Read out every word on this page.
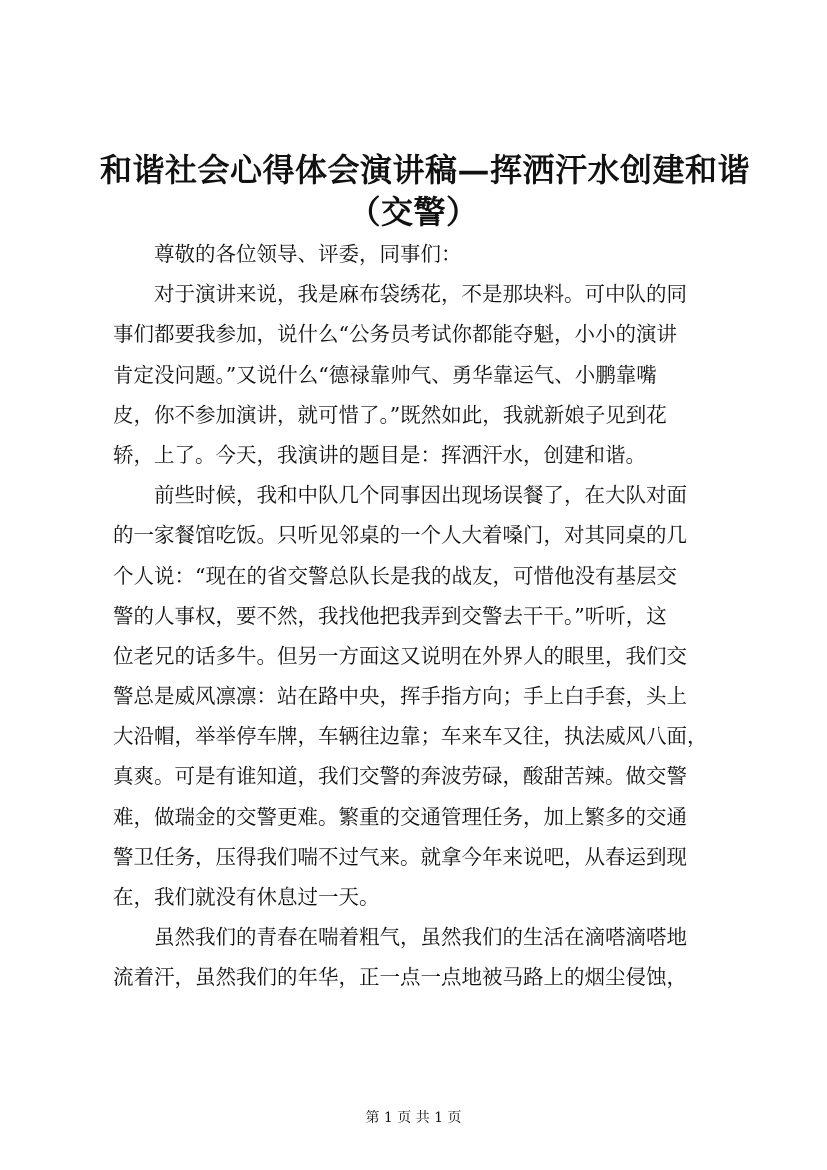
和谐社会心得体会演讲稿—挥洒汗水创建和谐
（交警）
尊敬的各位领导、评委，同事们：
对于演讲来说，我是麻布袋绣花，不是那块料。可中队的同
事们都要我参加，说什么“公务员考试你都能夺魁，小小的演讲
肯定没问题。”又说什么“德禄靠帅气、勇华靠运气、小鹏靠嘴
皮，你不参加演讲，就可惜了。”既然如此，我就新娘子见到花
轿，上了。今天，我演讲的题目是：挥洒汗水，创建和谐。
前些时候，我和中队几个同事因出现场误餐了，在大队对面
的一家餐馆吃饭。只听见邻桌的一个人大着嗓门，对其同桌的几
个人说：“现在的省交警总队长是我的战友，可惜他没有基层交
警的人事权，要不然，我找他把我弄到交警去干干。”听听，这
位老兄的话多牛。但另一方面这又说明在外界人的眼里，我们交
警总是威风凛凛：站在路中央，挥手指方向；手上白手套，头上
大沿帽，举举停车牌，车辆往边靠；车来车又往，执法威风八面，
真爽。可是有谁知道，我们交警的奔波劳碌，酸甜苦辣。做交警
难，做瑞金的交警更难。繁重的交通管理任务，加上繁多的交通
警卫任务，压得我们喘不过气来。就拿今年来说吧，从春运到现
在，我们就没有休息过一天。
虽然我们的青春在喘着粗气，虽然我们的生活在滴嗒滴嗒地
流着汗，虽然我们的年华，正一点一点地被马路上的烟尘侵蚀，
第 1 页 共 1 页
